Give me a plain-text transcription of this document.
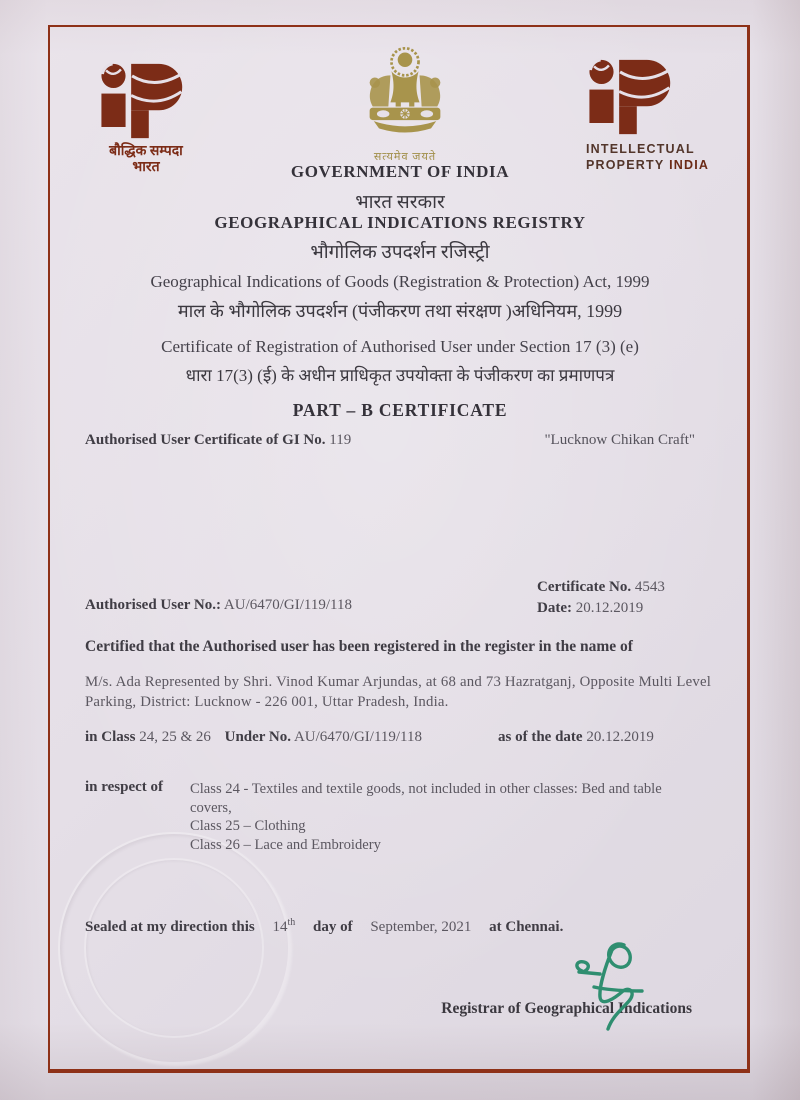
बौद्धिक सम्पदा
भारत
सत्यमेव जयते
INTELLECTUAL
PROPERTY INDIA
GOVERNMENT OF INDIA
भारत सरकार
GEOGRAPHICAL INDICATIONS REGISTRY
भौगोलिक उपदर्शन रजिस्ट्री
Geographical Indications of Goods (Registration & Protection) Act, 1999
माल के भौगोलिक उपदर्शन (पंजीकरण तथा संरक्षण )अधिनियम, 1999
Certificate of Registration of Authorised User under Section 17 (3) (e)
धारा 17(3) (ई) के अधीन प्राधिकृत उपयोक्ता के पंजीकरण का प्रमाणपत्र
PART – B CERTIFICATE
Authorised User Certificate of GI No. 119	"Lucknow Chikan Craft"
Certificate No. 4543
Date: 20.12.2019
Authorised User No.: AU/6470/GI/119/118
Certified that the Authorised user has been registered in the register in the name of
M/s. Ada Represented by Shri. Vinod Kumar Arjundas, at 68 and 73 Hazratganj, Opposite Multi Level Parking, District: Lucknow - 226 001, Uttar Pradesh, India.
in Class 24, 25 & 26 Under No. AU/6470/GI/119/118	as of the date 20.12.2019
in respect of Class 24 - Textiles and textile goods, not included in other classes: Bed and table covers,
Class 25 – Clothing
Class 26 – Lace and Embroidery
Sealed at my direction this 14th day of September, 2021 at Chennai.
Registrar of Geographical Indications
